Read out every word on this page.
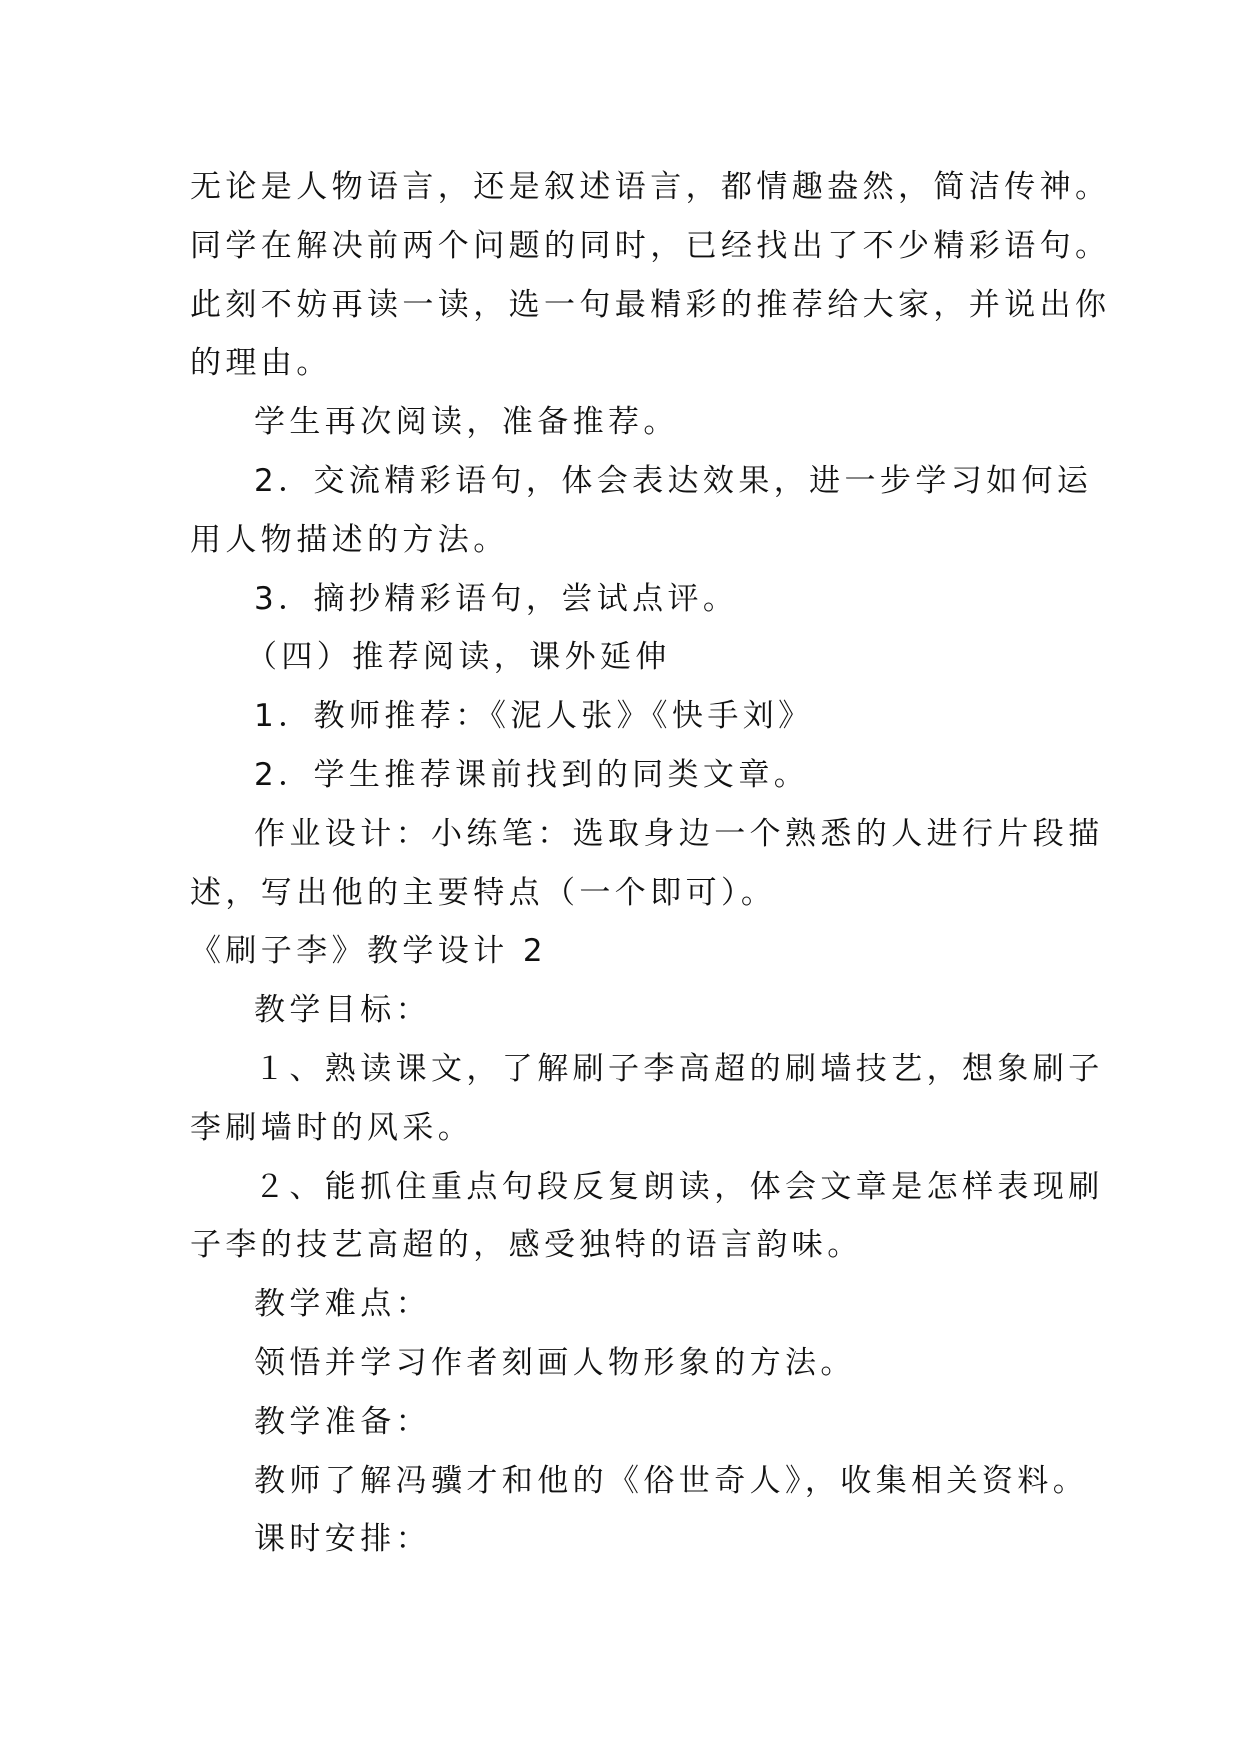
无论是人物语言，还是叙述语言，都情趣盎然，简洁传神。
同学在解决前两个问题的同时，已经找出了不少精彩语句。
此刻不妨再读一读，选一句最精彩的推荐给大家，并说出你
的理由。
学生再次阅读，准备推荐。
2．交流精彩语句，体会表达效果，进一步学习如何运
用人物描述的方法。
3．摘抄精彩语句，尝试点评。
（四）推荐阅读，课外延伸
1．教师推荐：《泥人张》《快手刘》
2．学生推荐课前找到的同类文章。
作业设计：小练笔：选取身边一个熟悉的人进行片段描
述，写出他的主要特点（一个即可）。
《刷子李》教学设计 2
教学目标：
１、熟读课文，了解刷子李高超的刷墙技艺，想象刷子
李刷墙时的风采。
２、能抓住重点句段反复朗读，体会文章是怎样表现刷
子李的技艺高超的，感受独特的语言韵味。
教学难点：
领悟并学习作者刻画人物形象的方法。
教学准备：
教师了解冯骥才和他的《俗世奇人》，收集相关资料。
课时安排：
